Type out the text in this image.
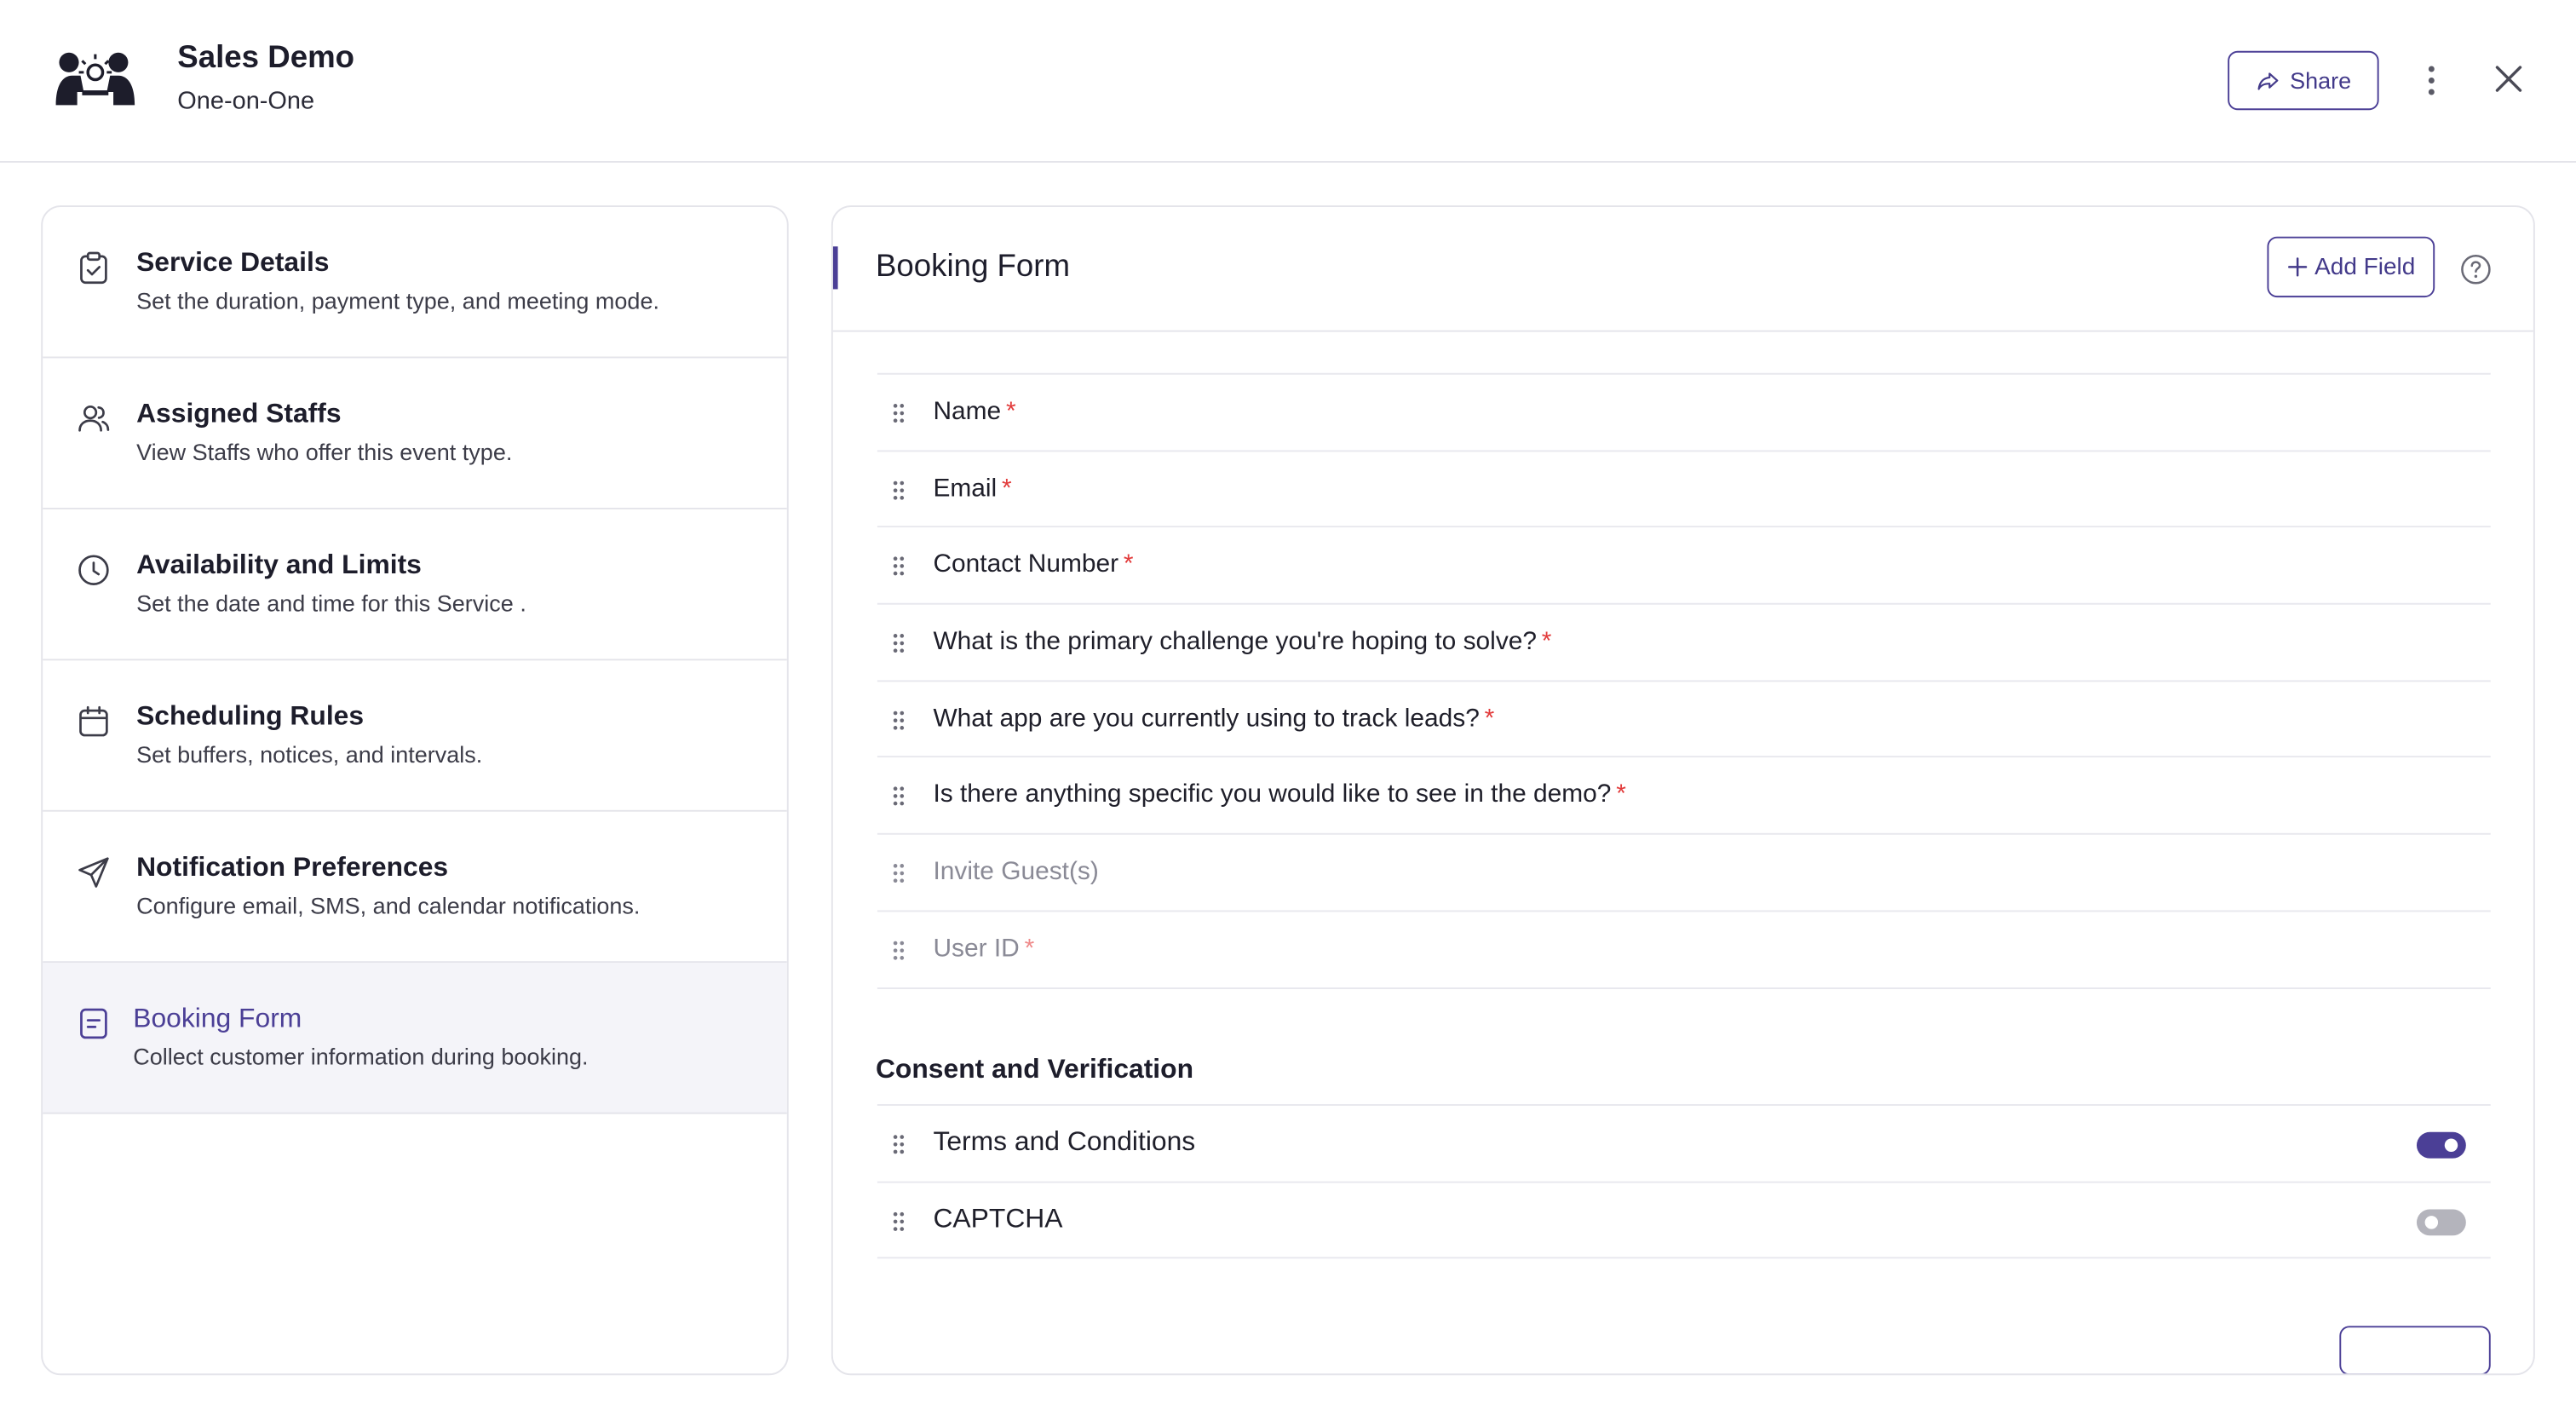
Sales Demo
One-on-One
Share
Service Details
Set the duration, payment type, and meeting mode.
Assigned Staffs
View Staffs who offer this event type.
Availability and Limits
Set the date and time for this Service .
Scheduling Rules
Set buffers, notices, and intervals.
Notification Preferences
Configure email, SMS, and calendar notifications.
Booking Form
Collect customer information during booking.
Booking Form	Add Field
Name *
Email *
Contact Number *
What is the primary challenge you're hoping to solve? *
What app are you currently using to track leads? *
Is there anything specific you would like to see in the demo? *
Invite Guest(s)
User ID *
Consent and Verification
Terms and Conditions
CAPTCHA
